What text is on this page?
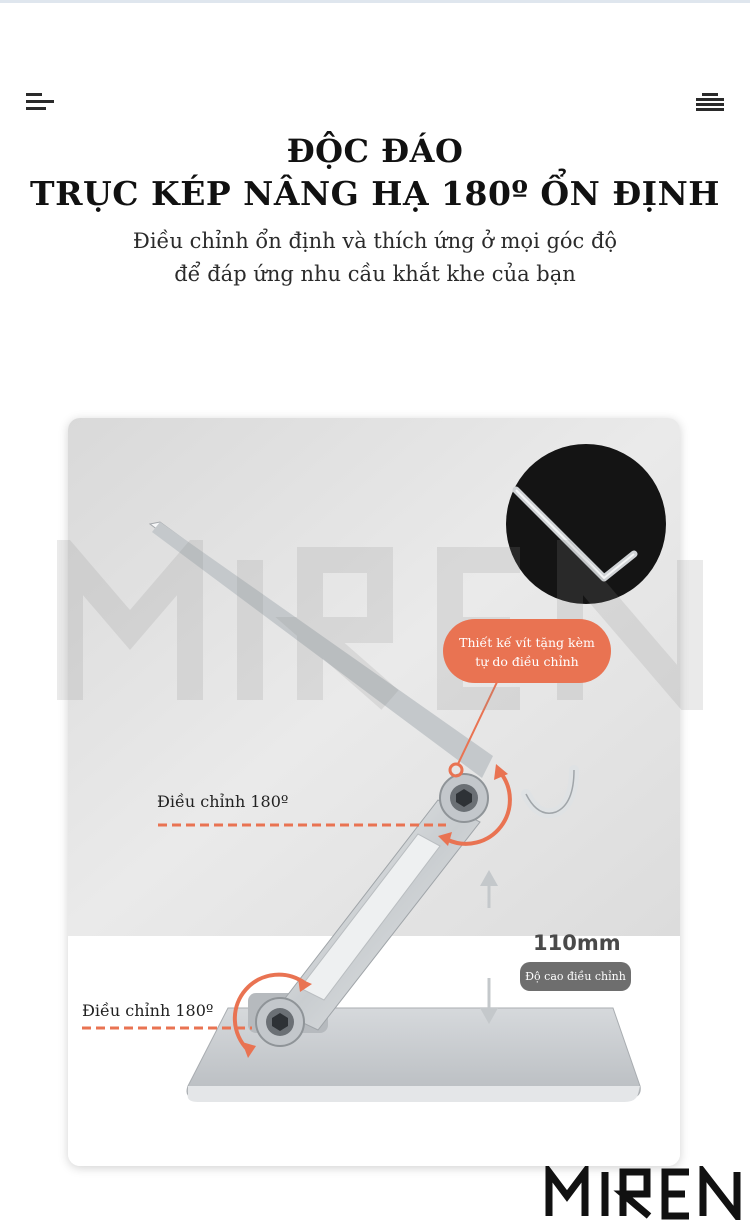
ĐỘC ĐÁO
TRỤC KÉP NÂNG HẠ 180º ỔN ĐỊNH
Điều chỉnh ổn định và thích ứng ở mọi góc độ
để đáp ứng nhu cầu khắt khe của bạn
Thiết kế vít tặng kèm
tự do điều chỉnh
Điều chỉnh 180º
Điều chỉnh 180º
110mm
Độ cao điều chỉnh
